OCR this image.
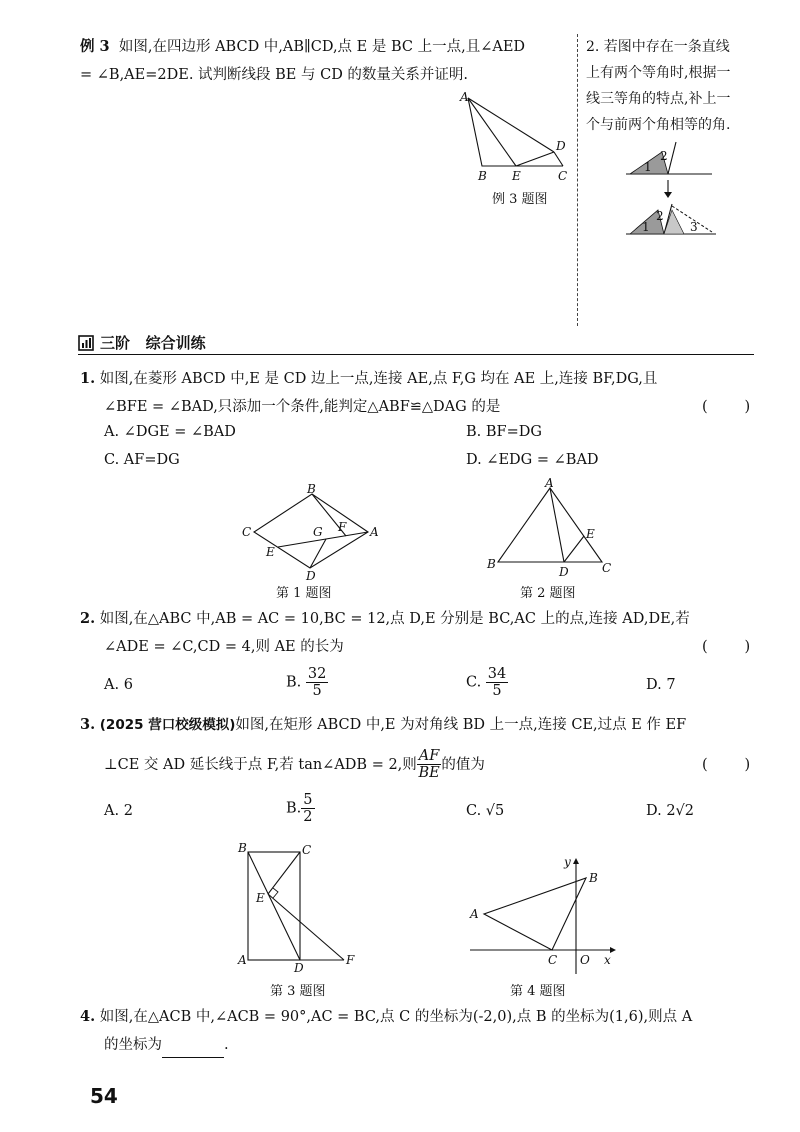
例 3 如图,在四边形 ABCD 中,AB∥CD,点 E 是 BC 上一点,且∠AED
= ∠B,AE=2DE. 试判断线段 BE 与 CD 的数量关系并证明.
A
B E	C
D
例 3 题图
2. 若图中存在一条直线
上有两个等角时,根据一
线三等角的特点,补上一
个与前两个角相等的角.
1
2
1
2
3
三阶   综合训练
1. 如图,在菱形 ABCD 中,E 是 CD 边上一点,连接 AE,点 F,G 均在 AE 上,连接 BF,DG,且
∠BFE = ∠BAD,只添加一个条件,能判定△ABF≌△DAG 的是	(        )
A. ∠DGE = ∠BAD	B. BF=DG
C. AF=DG	D. ∠EDG = ∠BAD
B
C	G F A
E
D
第 1 题图
A
E
B
D	C
第 2 题图
2. 如图,在△ABC 中,AB = AC = 10,BC = 12,点 D,E 分别是 BC,AC 上的点,连接 AD,DE,若
∠ADE = ∠C,CD = 4,则 AE 的长为	(        )
A. 6	B. $\frac{32}{5}$	C. $\frac{34}{5}$	D. 7
3. (2025 营口校级模拟)如图,在矩形 ABCD 中,E 为对角线 BD 上一点,连接 CE,过点 E 作 EF
⊥CE 交 AD 延长线于点 F,若 tan∠ADB = 2,则 $\frac{AF}{BE}$ 的值为	(        )
A. 2	B. $\frac{5}{2}$	C. √5	D. 2√2
B	C
E
A
D
F
第 3 题图
y
B
A
C O x
第 4 题图
4. 如图,在△ACB 中,∠ACB = 90°,AC = BC,点 C 的坐标为(-2,0),点 B 的坐标为(1,6),则点 A
的坐标为	.
54
